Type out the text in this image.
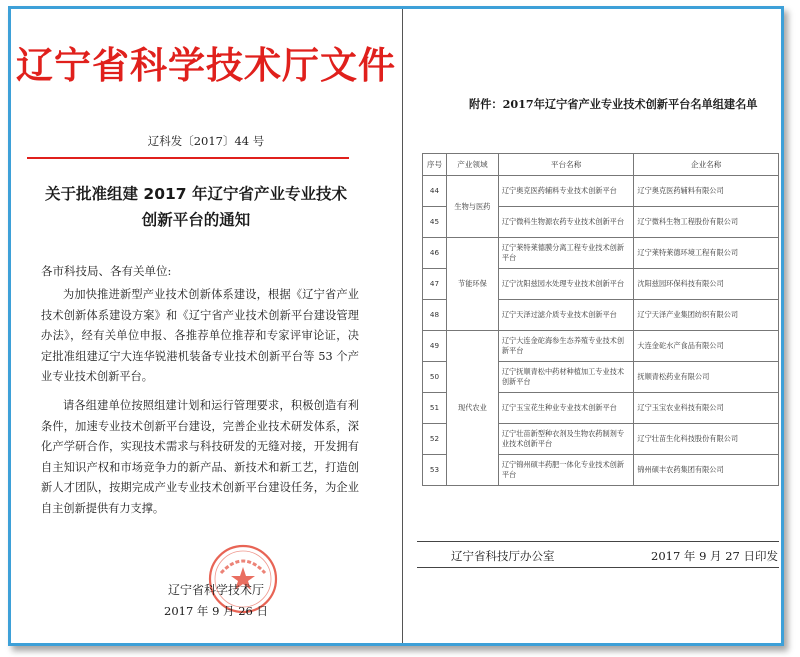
辽宁省科学技术厅文件
辽科发〔2017〕44 号
关于批准组建 2017 年辽宁省产业专业技术
创新平台的通知
各市科技局、各有关单位:

为加快推进新型产业技术创新体系建设，根据《辽宁省产业技术创新体系建设方案》和《辽宁省产业技术创新平台建设管理办法》，经有关单位申报、各推荐单位推荐和专家评审论证，决定批准组建辽宁大连华锐港机装备专业技术创新平台等 53 个产业专业技术创新平台。

请各组建单位按照组建计划和运行管理要求，积极创造有利条件，加速专业技术创新平台建设，完善企业技术研发体系，深化产学研合作，实现技术需求与科技研发的无缝对接，开发拥有自主知识产权和市场竞争力的新产品、新技术和新工艺，打造创新人才团队，按期完成产业专业技术创新平台建设任务，为企业自主创新提供有力支撑。

辽宁省科学技术厅
2017 年 9 月 26 日
附件：2017年辽宁省产业专业技术创新平台名单组建名单
序号	产业领域	平台名称	企业名称
44	生物与医药	辽宁奥克医药辅料专业技术创新平台	辽宁奥克医药辅料有限公司
45		辽宁微科生物源农药专业技术创新平台	辽宁微科生物工程股份有限公司
46	节能环保	辽宁莱特莱德膜分离工程专业技术创新平台	辽宁莱特莱德环境工程有限公司
47		辽宁沈阳兹园水处理专业技术创新平台	沈阳兹园环保科技有限公司
48		辽宁天泽过滤介质专业技术创新平台	辽宁天泽产业集团纺织有限公司
49	现代农业	辽宁大连金砣海参生态养殖专业技术创新平台	大连金砣水产食品有限公司
50		辽宁抚顺青松中药材种植加工专业技术创新平台	抚顺青松药业有限公司
51		辽宁玉宝花生种业专业技术创新平台	辽宁玉宝农业科技有限公司
52		辽宁壮苗新型种衣剂及生物农药制剂专业技术创新平台	辽宁壮苗生化科技股份有限公司
53		辽宁锦州硕丰药肥一体化专业技术创新平台	锦州硕丰农药集团有限公司
辽宁省科技厅办公室	2017 年 9 月 27 日印发
